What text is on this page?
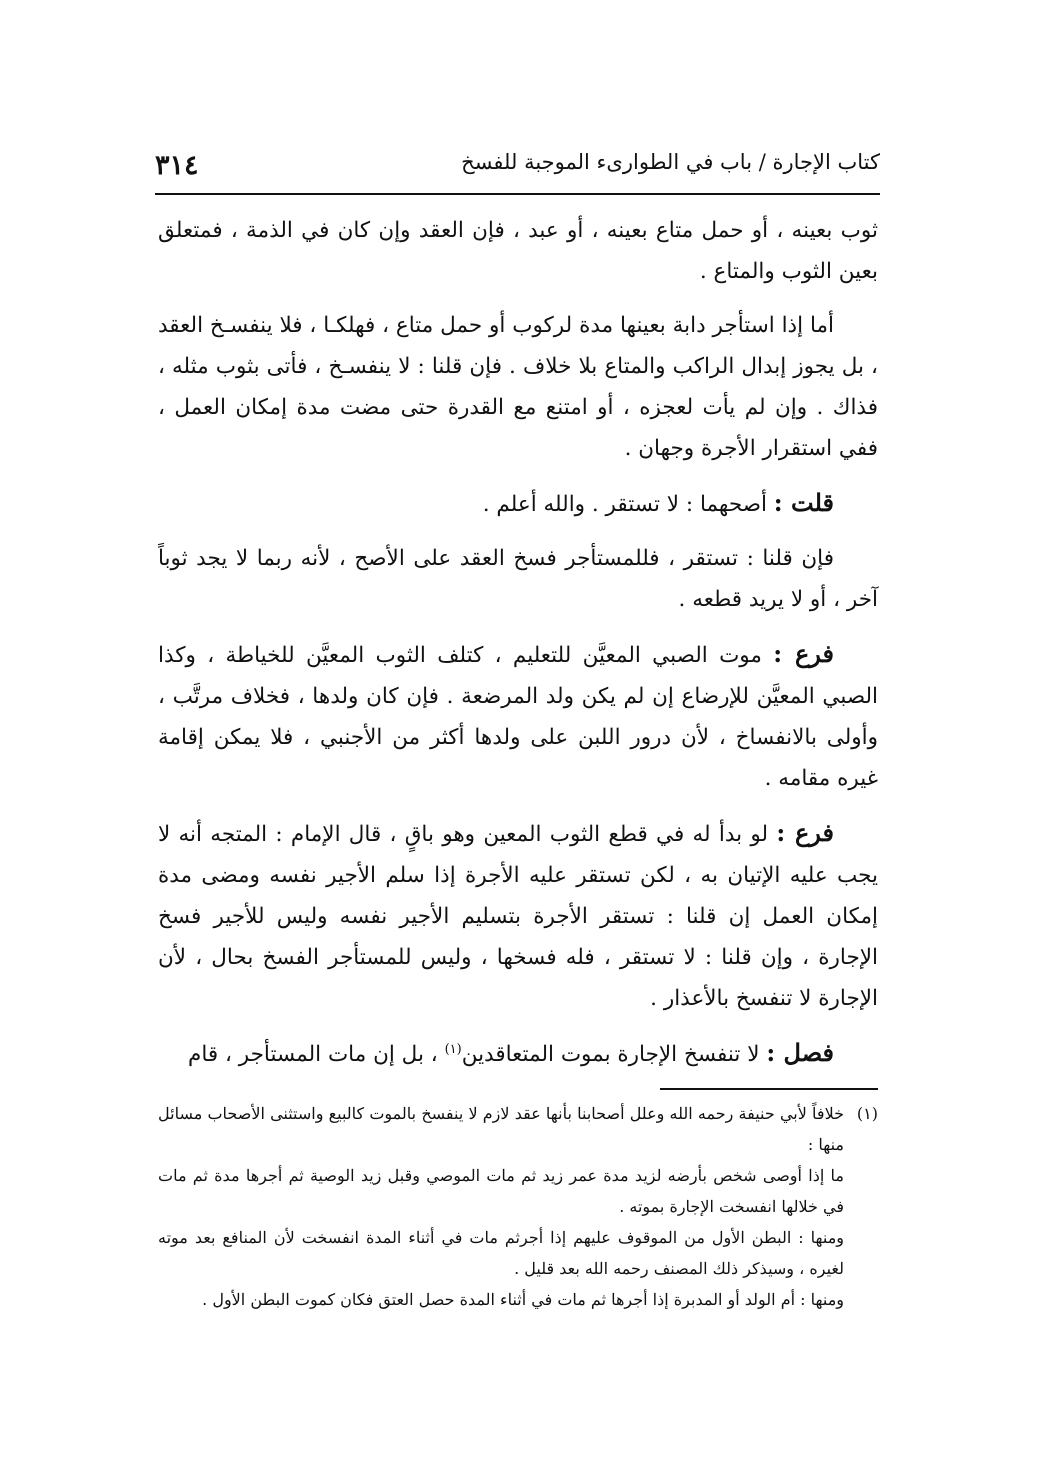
٣١٤	كتاب الإجارة / باب في الطوارىء الموجبة للفسخ

ثوب بعينه ، أو حمل متاع بعينه ، أو عبد ، فإن العقد وإن كان في الذمة ، فمتعلق بعين الثوب والمتاع .

أما إذا استأجر دابة بعينها مدة لركوب أو حمل متاع ، فهلكـا ، فلا ينفسـخ العقد ، بل يجوز إبدال الراكب والمتاع بلا خلاف . فإن قلنا : لا ينفسـخ ، فأتى بثوب مثله ، فذاك . وإن لم يأت لعجزه ، أو امتنع مع القدرة حتى مضت مدة إمكان العمل ، ففي استقرار الأجرة وجهان .

قلت : أصحهما : لا تستقر . والله أعلم .

فإن قلنا : تستقر ، فللمستأجر فسخ العقد على الأصح ، لأنه ربما لا يجد ثوباً آخر ، أو لا يريد قطعه .

فرع : موت الصبي المعيَّن للتعليم ، كتلف الثوب المعيَّن للخياطة ، وكذا الصبي المعيَّن للإرضاع إن لم يكن ولد المرضعة . فإن كان ولدها ، فخلاف مرتَّب ، وأولى بالانفساخ ، لأن درور اللبن على ولدها أكثر من الأجنبي ، فلا يمكن إقامة غيره مقامه .

فرع : لو بدأ له في قطع الثوب المعين وهو باقٍ ، قال الإمام : المتجه أنه لا يجب عليه الإتيان به ، لكن تستقر عليه الأجرة إذا سلم الأجير نفسه ومضى مدة إمكان العمل إن قلنا : تستقر الأجرة بتسليم الأجير نفسه وليس للأجير فسخ الإجارة ، وإن قلنا : لا تستقر ، فله فسخها ، وليس للمستأجر الفسخ بحال ، لأن الإجارة لا تنفسخ بالأعذار .

فصل : لا تنفسخ الإجارة بموت المتعاقدين$^{(١)}$ ، بل إن مات المستأجر ، قام

(١)
خلافاً لأبي حنيفة رحمه الله وعلل أصحابنا بأنها عقد لازم لا ينفسخ بالموت كالبيع واستثنى الأصحاب مسائل منها :

ما إذا أوصى شخص بأرضه لزيد مدة عمر زيد ثم مات الموصي وقبل زيد الوصية ثم أجرها مدة ثم مات في خلالها انفسخت الإجارة بموته .

ومنها : البطن الأول من الموقوف عليهم إذا أجرثم مات في أثناء المدة انفسخت لأن المنافع بعد موته لغيره ، وسيذكر ذلك المصنف رحمه الله بعد قليل .

ومنها : أم الولد أو المدبرة إذا أجرها ثم مات في أثناء المدة حصل العتق فكان كموت البطن الأول .
